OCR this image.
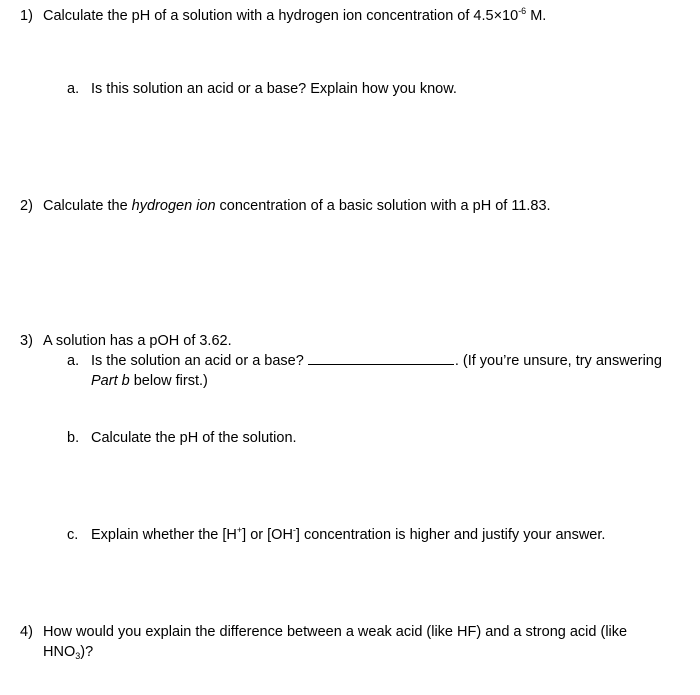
1) Calculate the pH of a solution with a hydrogen ion concentration of $4.5\times 10^{-6}$ M.
a. Is this solution an acid or a base? Explain how you know.
2) Calculate the hydrogen ion concentration of a basic solution with a pH of 11.83.
3) A solution has a pOH of 3.62.
a. Is the solution an acid or a base?	. (If you’re unsure, try answering
Part b below first.)
b. Calculate the pH of the solution.
c. Explain whether the [H+] or [OH-] concentration is higher and justify your answer.
4) How would you explain the difference between a weak acid (like HF) and a strong acid (like
$HNO_3$)?
